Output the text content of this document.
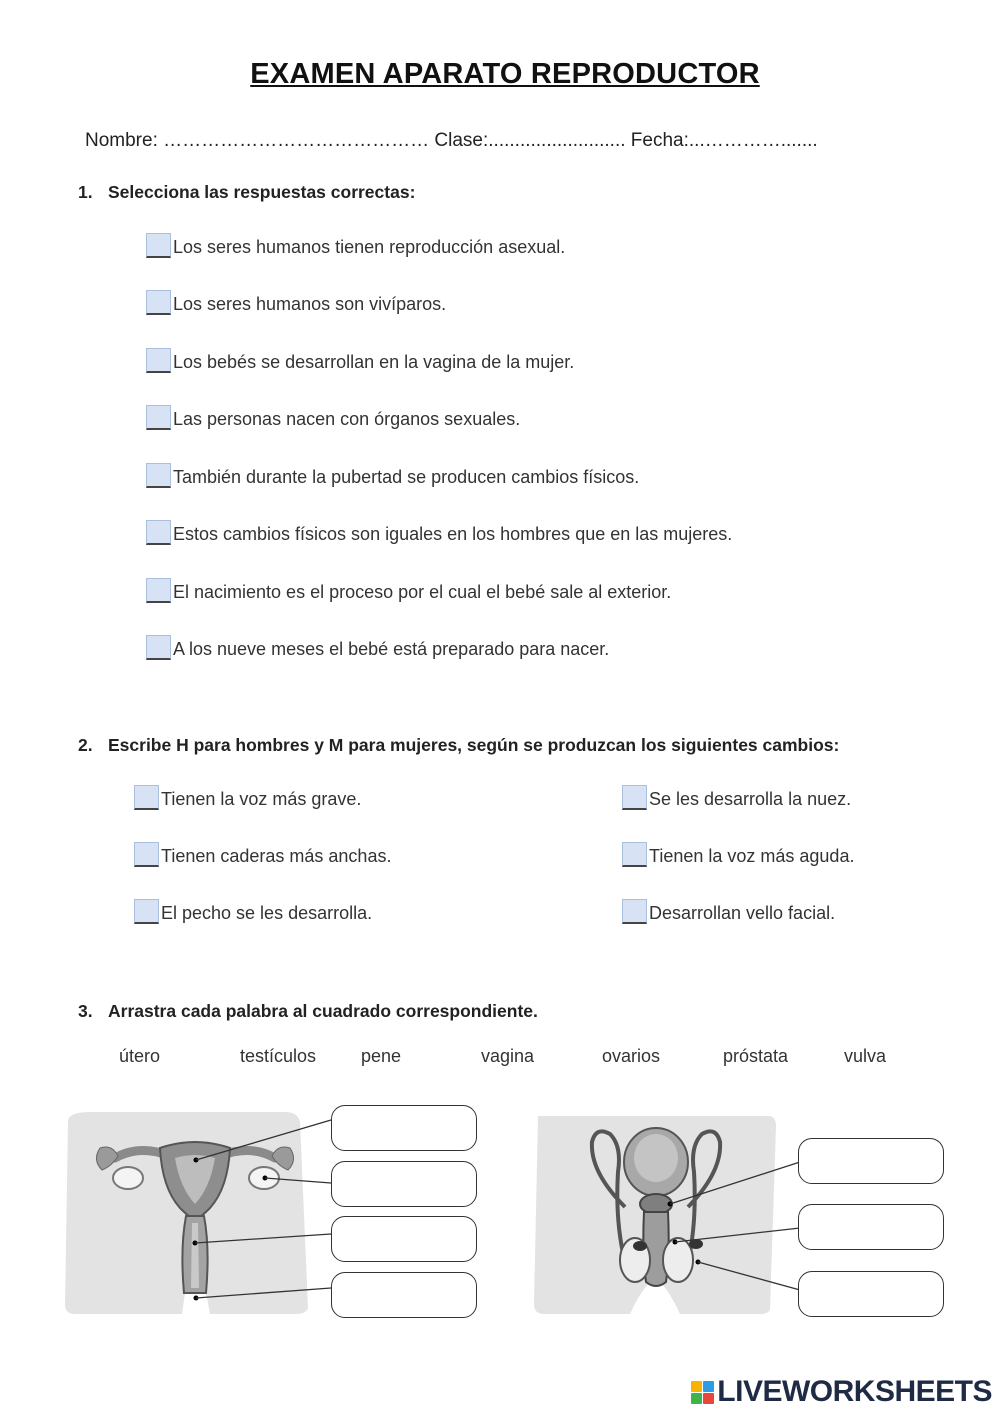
EXAMEN APARATO REPRODUCTOR
Nombre: …………………………………… Clase:.......................... Fecha:...………….......
1. Selecciona las respuestas correctas:
Los seres humanos tienen reproducción asexual.
Los seres humanos son vivíparos.
Los bebés se desarrollan en la vagina de la mujer.
Las personas nacen con órganos sexuales.
También durante la pubertad se producen cambios físicos.
Estos cambios físicos son iguales en los hombres que en las mujeres.
El nacimiento es el proceso por el cual el bebé sale al exterior.
A los nueve meses el bebé está preparado para nacer.
2. Escribe H para hombres y M para mujeres, según se produzcan los siguientes cambios:
Tienen la voz más grave.
Tienen caderas más anchas.
El pecho se les desarrolla.
Se les desarrolla la nuez.
Tienen la voz más aguda.
Desarrollan vello facial.
3. Arrastra cada palabra al cuadrado correspondiente.
útero	testículos pene	vagina	ovarios	próstata	vulva
LIVEWORKSHEETS
